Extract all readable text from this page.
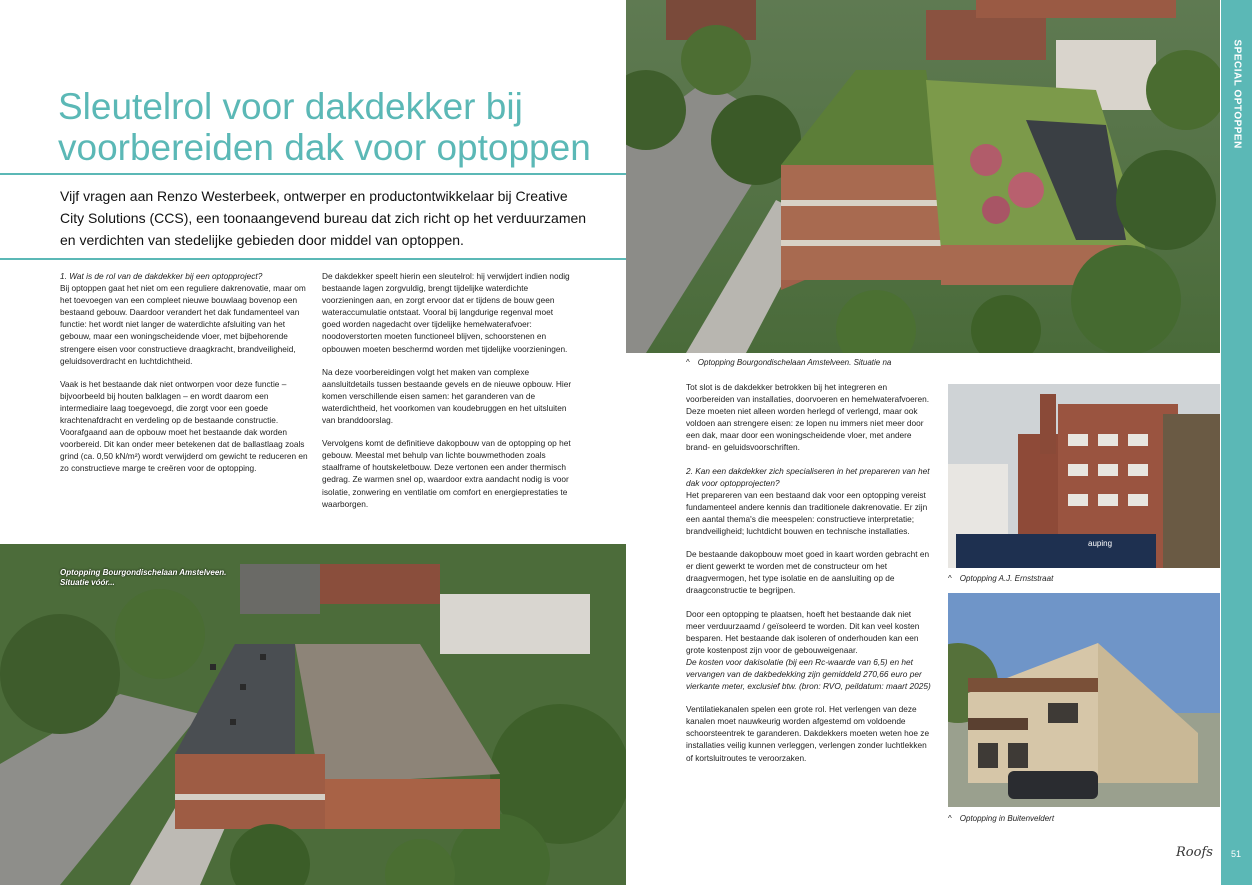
Sleutelrol voor dakdekker bij
voorbereiden dak voor optoppen

Vijf vragen aan Renzo Westerbeek, ontwerper en productontwikkelaar bij Creative City Solutions (CCS), een toonaangevend bureau dat zich richt op het verduurzamen en verdichten van stedelijke gebieden door middel van optoppen.

1. Wat is de rol van de dakdekker bij een optopproject?
Bij optoppen gaat het niet om een reguliere dakrenovatie, maar om het toevoegen van een compleet nieuwe bouwlaag bovenop een bestaand gebouw. Daardoor verandert het dak fundamenteel van functie: het wordt niet langer de waterdichte afsluiting van het gebouw, maar een woningscheidende vloer, met bijbehorende strengere eisen voor constructieve draagkracht, brandveiligheid, geluidsoverdracht en luchtdichtheid.

Vaak is het bestaande dak niet ontworpen voor deze functie – bijvoorbeeld bij houten balklagen – en wordt daarom een intermediaire laag toegevoegd, die zorgt voor een goede krachtenafdracht en verdeling op de bestaande constructie. Voorafgaand aan de opbouw moet het bestaande dak worden voorbereid. Dit kan onder meer betekenen dat de ballastlaag zoals grind (ca. 0,50 kN/m²) wordt verwijderd om gewicht te reduceren en zo constructieve marge te creëren voor de optopping.

De dakdekker speelt hierin een sleutelrol: hij verwijdert indien nodig bestaande lagen zorgvuldig, brengt tijdelijke waterdichte voorzieningen aan, en zorgt ervoor dat er tijdens de bouw geen wateraccumulatie ontstaat. Vooral bij langdurige regenval moet goed worden nagedacht over tijdelijke hemelwaterafvoer: noodoverstorten moeten functioneel blijven, schoorstenen en opbouwen moeten beschermd worden met tijdelijke voorzieningen.

Na deze voorbereidingen volgt het maken van complexe aansluitdetails tussen bestaande gevels en de nieuwe opbouw. Hier komen verschillende eisen samen: het garanderen van de waterdichtheid, het voorkomen van koudebruggen en het uitsluiten van branddoorslag.

Vervolgens komt de definitieve dakopbouw van de optopping op het gebouw. Meestal met behulp van lichte bouwmethoden zoals staalframe of houtskeletbouw. Deze vertonen een ander thermisch gedrag. Ze warmen snel op, waardoor extra aandacht nodig is voor isolatie, zonwering en ventilatie om comfort en energieprestaties te waarborgen.

^ Optopping Bourgondischelaan Amstelveen. Situatie na

Tot slot is de dakdekker betrokken bij het integreren en voorbereiden van installaties, doorvoeren en hemelwaterafvoeren. Deze moeten niet alleen worden herlegd of verlengd, maar ook voldoen aan strengere eisen: ze lopen nu immers niet meer door een dak, maar door een woningscheidende vloer, met andere brand- en geluidsvoorschriften.

2. Kan een dakdekker zich specialiseren in het prepareren van het dak voor optopprojecten?
Het prepareren van een bestaand dak voor een optopping vereist fundamenteel andere kennis dan traditionele dakrenovatie. Er zijn een aantal thema's die meespelen: constructieve interpretatie; brandveiligheid; luchtdicht bouwen en technische installaties.

De bestaande dakopbouw moet goed in kaart worden gebracht en er dient gewerkt te worden met de constructeur om het draagvermogen, het type isolatie en de aansluiting op de draagconstructie te begrijpen.

Door een optopping te plaatsen, hoeft het bestaande dak niet meer verduurzaamd / geïsoleerd te worden. Dit kan veel kosten besparen. Het bestaande dak isoleren of onderhouden kan een grote kostenpost zijn voor de gebouweigenaar.
De kosten voor dakisolatie (bij een Rc-waarde van 6,5) en het vervangen van de dakbedekking zijn gemiddeld 270,66 euro per vierkante meter, exclusief btw. (bron: RVO, peildatum: maart 2025)

Ventilatiekanalen spelen een grote rol. Het verlengen van deze kanalen moet nauwkeurig worden afgestemd om voldoende schoorsteentrek te garanderen. Dakdekkers moeten weten hoe ze installaties veilig kunnen verleggen, verlengen zonder luchtlekken of kortsluitroutes te veroorzaken.

auping
^ Optopping A.J. Ernststraat
^ Optopping in Buitenveldert
Optopping Bourgondischelaan Amstelveen.
Situatie vóór...
SPECIAL OPTOPPEN
51
Roofs
